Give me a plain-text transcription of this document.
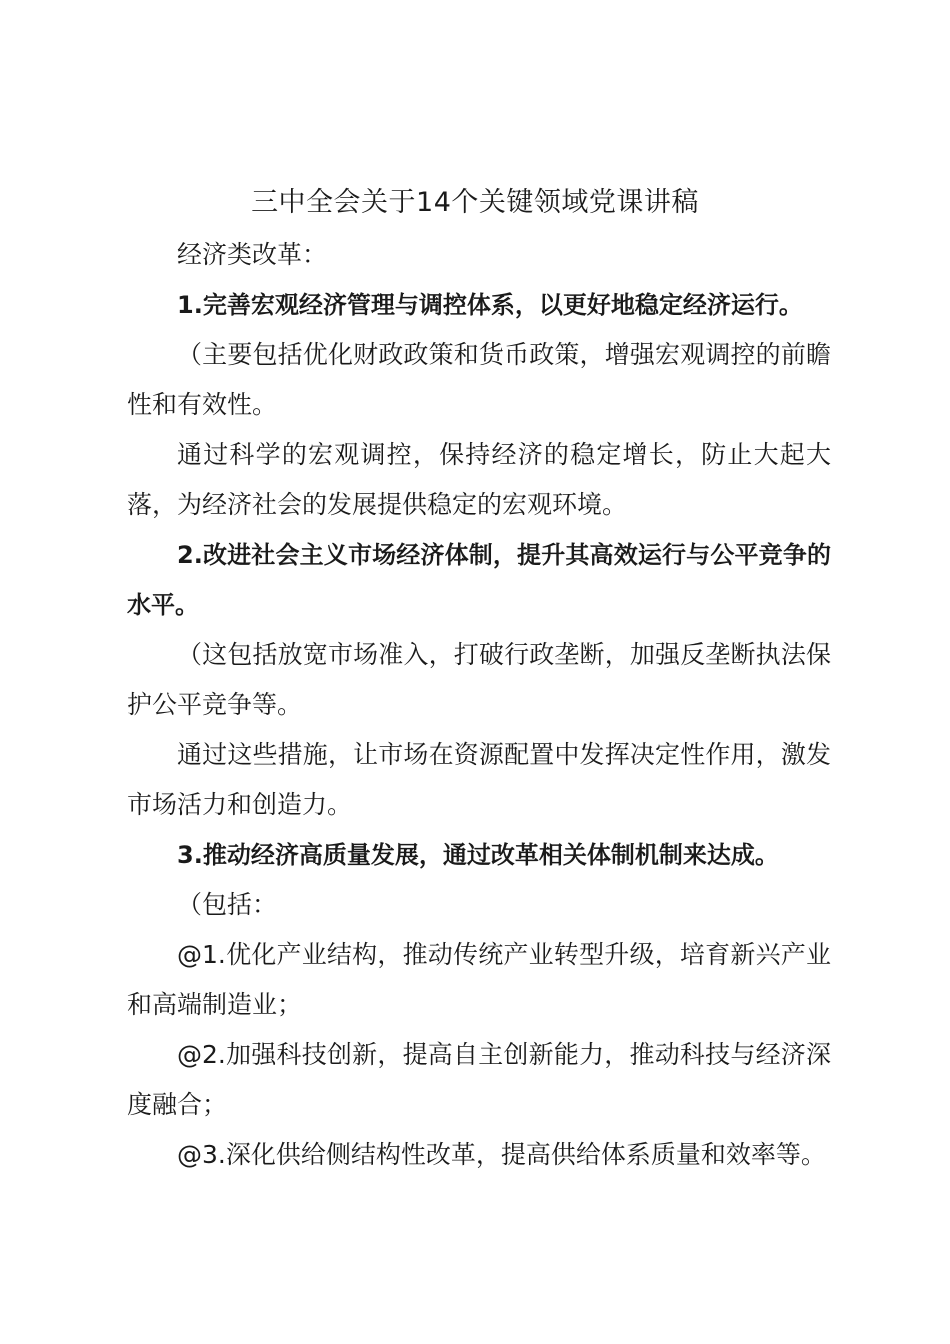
三中全会关于14个关键领域党课讲稿

经济类改革：

1.完善宏观经济管理与调控体系，以更好地稳定经济运行。

（主要包括优化财政政策和货币政策，增强宏观调控的前瞻性和有效性。

通过科学的宏观调控，保持经济的稳定增长，防止大起大落，为经济社会的发展提供稳定的宏观环境。

2.改进社会主义市场经济体制，提升其高效运行与公平竞争的水平。

（这包括放宽市场准入，打破行政垄断，加强反垄断执法保护公平竞争等。

通过这些措施，让市场在资源配置中发挥决定性作用，激发市场活力和创造力。

3.推动经济高质量发展，通过改革相关体制机制来达成。

（包括：

@1.优化产业结构，推动传统产业转型升级，培育新兴产业和高端制造业；

@2.加强科技创新，提高自主创新能力，推动科技与经济深度融合；

@3.深化供给侧结构性改革，提高供给体系质量和效率等。
